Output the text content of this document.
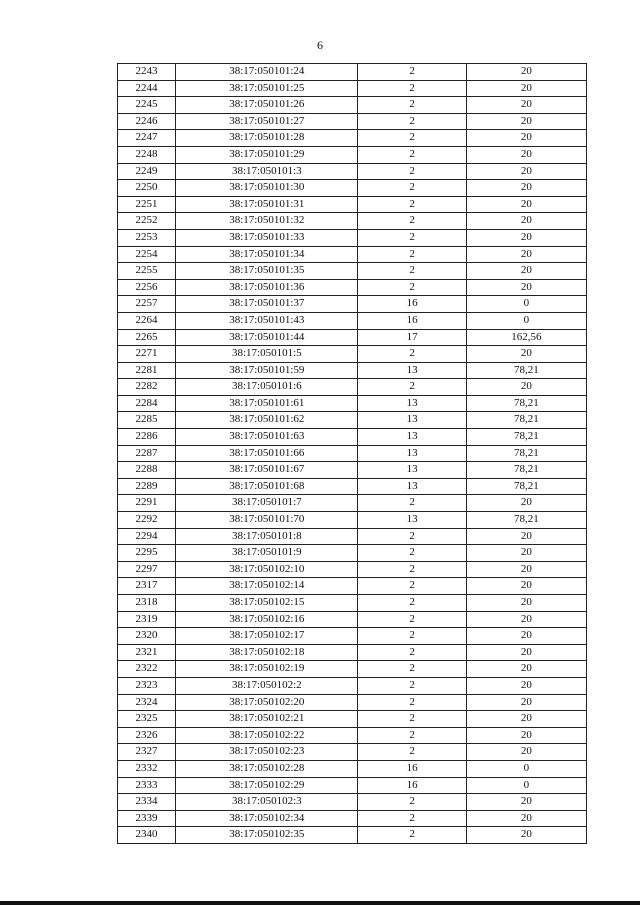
6
2243	38:17:050101:24	2	20
2244	38:17:050101:25	2	20
2245	38:17:050101:26	2	20
2246	38:17:050101:27	2	20
2247	38:17:050101:28	2	20
2248	38:17:050101:29	2	20
2249	38:17:050101:3	2	20
2250	38:17:050101:30	2	20
2251	38:17:050101:31	2	20
2252	38:17:050101:32	2	20
2253	38:17:050101:33	2	20
2254	38:17:050101:34	2	20
2255	38:17:050101:35	2	20
2256	38:17:050101:36	2	20
2257	38:17:050101:37	16	0
2264	38:17:050101:43	16	0
2265	38:17:050101:44	17	162,56
2271	38:17:050101:5	2	20
2281	38:17:050101:59	13	78,21
2282	38:17:050101:6	2	20
2284	38:17:050101:61	13	78,21
2285	38:17:050101:62	13	78,21
2286	38:17:050101:63	13	78,21
2287	38:17:050101:66	13	78,21
2288	38:17:050101:67	13	78,21
2289	38:17:050101:68	13	78,21
2291	38:17:050101:7	2	20
2292	38:17:050101:70	13	78,21
2294	38:17:050101:8	2	20
2295	38:17:050101:9	2	20
2297	38:17:050102:10	2	20
2317	38:17:050102:14	2	20
2318	38:17:050102:15	2	20
2319	38:17:050102:16	2	20
2320	38:17:050102:17	2	20
2321	38:17:050102:18	2	20
2322	38:17:050102:19	2	20
2323	38:17:050102:2	2	20
2324	38:17:050102:20	2	20
2325	38:17:050102:21	2	20
2326	38:17:050102:22	2	20
2327	38:17:050102:23	2	20
2332	38:17:050102:28	16	0
2333	38:17:050102:29	16	0
2334	38:17:050102:3	2	20
2339	38:17:050102:34	2	20
2340	38:17:050102:35	2	20
